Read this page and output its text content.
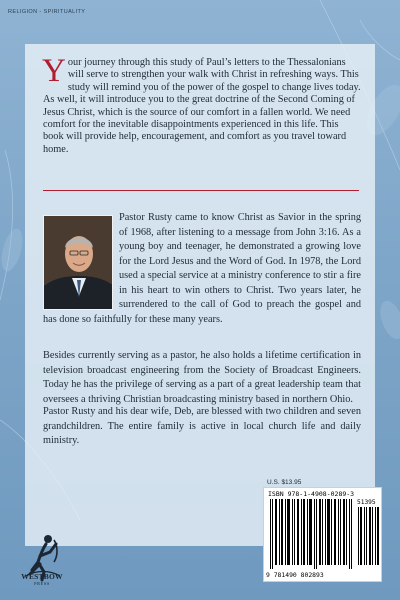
RELIGION - SPIRITUALITY
Your journey through this study of Paul’s letters to the Thessalonians will serve to strengthen your walk with Christ in refreshing ways. This study will remind you of the power of the gospel to change lives today. As well, it will introduce you to the great doctrine of the Second Coming of Jesus Christ, which is the source of our comfort in a fallen world. We need comfort for the inevitable disappointments experienced in this life. This book will provide help, encouragement, and comfort as you travel toward home.
Pastor Rusty came to know Christ as Savior in the spring of 1968, after listening to a message from John 3:16. As a young boy and teenager, he demonstrated a growing love for the Lord Jesus and the Word of God. In 1978, the Lord used a special service at a ministry conference to stir a fire in his heart to win others to Christ. Two years later, he surrendered to the call of God to preach the gospel and has done so faithfully for these many years.
Besides currently serving as a pastor, he also holds a lifetime certification in television broadcast engineering from the Society of Broadcast Engineers. Today he has the privilege of serving as a part of a great leadership team that oversees a thriving Christian broadcasting ministry based in northern Ohio.
Pastor Rusty and his dear wife, Deb, are blessed with two children and seven grandchildren. The entire family is active in local church life and daily ministry.
WESTBOW
PRESS
U.S. $13.95
ISBN 978-1-4908-0289-3
51395
9 781490 802893
